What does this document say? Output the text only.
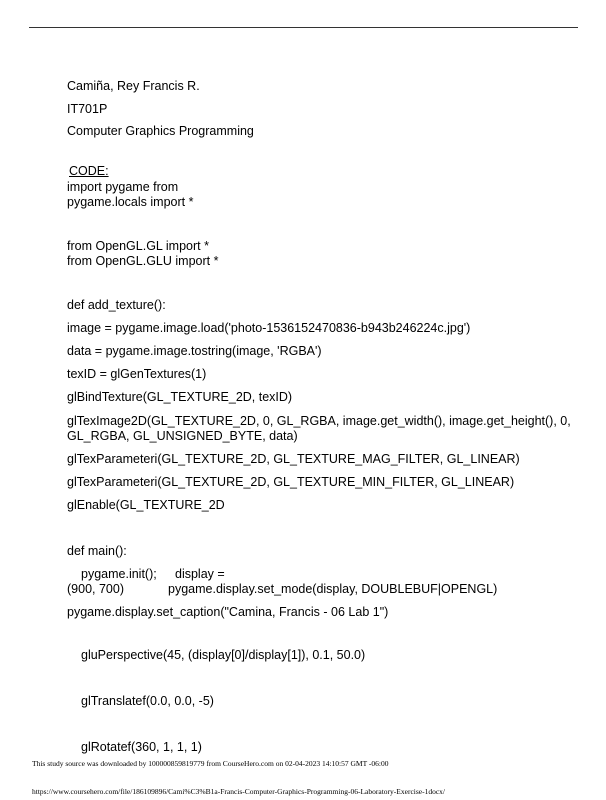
Camiña, Rey Francis R.
IT701P
Computer Graphics Programming
CODE:
import pygame from
pygame.locals import *
from OpenGL.GL import *
from OpenGL.GLU import *
def add_texture():
image = pygame.image.load('photo-1536152470836-b943b246224c.jpg')
data = pygame.image.tostring(image, 'RGBA')
texID = glGenTextures(1)
glBindTexture(GL_TEXTURE_2D, texID)
glTexImage2D(GL_TEXTURE_2D, 0, GL_RGBA, image.get_width(), image.get_height(), 0,
GL_RGBA, GL_UNSIGNED_BYTE, data)
glTexParameteri(GL_TEXTURE_2D, GL_TEXTURE_MAG_FILTER, GL_LINEAR)
glTexParameteri(GL_TEXTURE_2D, GL_TEXTURE_MIN_FILTER, GL_LINEAR)
glEnable(GL_TEXTURE_2D
def main():
pygame.init(); display =
(900, 700)	pygame.display.set_mode(display, DOUBLEBUF|OPENGL)
pygame.display.set_caption("Camina, Francis - 06 Lab 1")
gluPerspective(45, (display[0]/display[1]), 0.1, 50.0)
glTranslatef(0.0, 0.0, -5)
glRotatef(360, 1, 1, 1)
This study source was downloaded by 100000859819779 from CourseHero.com on 02-04-2023 14:10:57 GMT -06:00
https://www.coursehero.com/file/186109896/Cami%C3%B1a-Francis-Computer-Graphics-Programming-06-Laboratory-Exercise-1docx/
